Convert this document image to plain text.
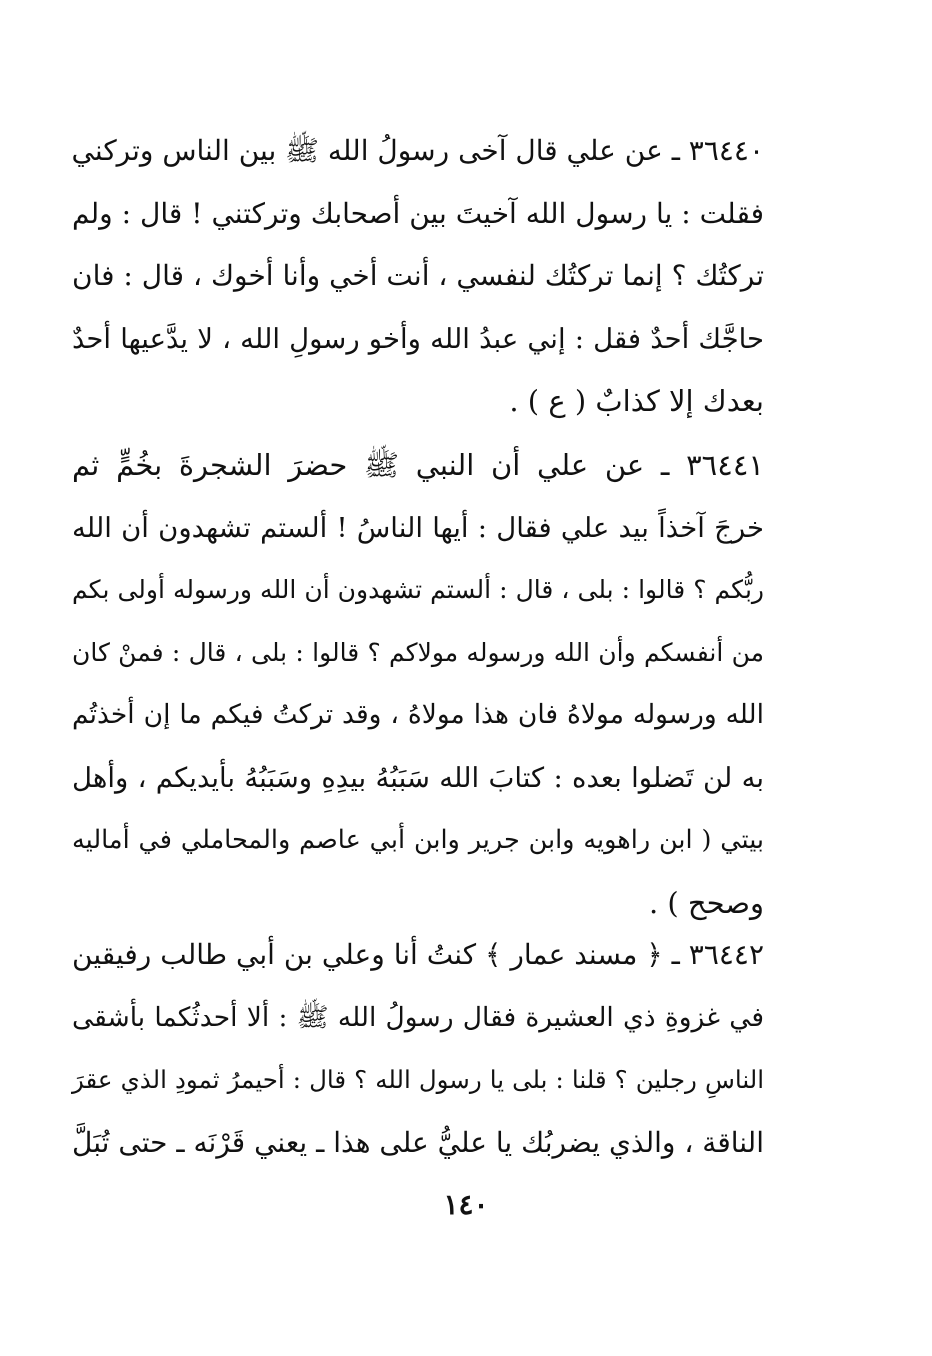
٣٦٤٤٠ ـ عن علي قال آخى رسولُ الله ﷺ بين الناس وتركني
فقلت : يا رسول الله آخيتَ بين أصحابك وتركتني ! قال : ولم
تركتُك ؟ إنما تركتُك لنفسي ، أنت أخي وأنا أخوك ، قال : فان
حاجَّك أحدٌ فقل : إني عبدُ الله وأخو رسولِ الله ، لا يدَّعيها أحدٌ
بعدك إلا كذابٌ ( ع ) .
٣٦٤٤١ ـ عن علي أن النبي ﷺ حضرَ الشجرةَ بخُمٍّ ثم
خرجَ آخذاً بيد علي فقال : أيها الناسُ ! ألستم تشهدون أن الله
ربُّكم ؟ قالوا : بلى ، قال : ألستم تشهدون أن الله ورسوله أولى بكم
من أنفسكم وأن الله ورسوله مولاكم ؟ قالوا : بلى ، قال : فمنْ كان
الله ورسوله مولاهُ فان هذا مولاهُ ، وقد تركتُ فيكم ما إن أخذتُم
به لن تَضلوا بعده : كتابَ الله سَبَبُهُ بيدِهِ وسَبَبُهُ بأيديكم ، وأهل
بيتي ( ابن راهويه وابن جرير وابن أبي عاصم والمحاملي في أماليه
وصحح ) .
٣٦٤٤٢ ـ ﴿ مسند عمار ﴾ كنتُ أنا وعلي بن أبي طالب رفيقين
في غزوةِ ذي العشيرة فقال رسولُ الله ﷺ : ألا أحدثُكما بأشقى
الناسِ رجلين ؟ قلنا : بلى يا رسول الله ؟ قال : أحيمرُ ثمودِ الذي عقرَ
الناقة ، والذي يضربُك يا عليُّ على هذا ـ يعني قَرْنَه ـ حتى تُبَلَّ
١٤٠
